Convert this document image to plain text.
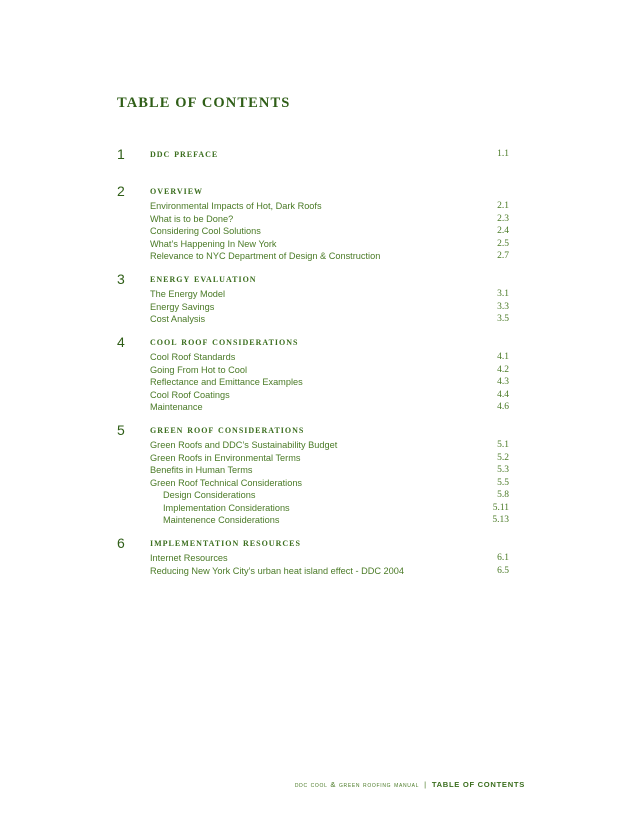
TABLE OF CONTENTS
1 ddc preface	1.1
2 overview
Environmental Impacts of Hot, Dark Roofs	2.1
What is to be Done?	2.3
Considering Cool Solutions	2.4
What’s Happening In New York	2.5
Relevance to NYC Department of Design & Construction	2.7
3 energy evaluation
The Energy Model	3.1
Energy Savings	3.3
Cost Analysis	3.5
4 cool roof considerations
Cool Roof Standards	4.1
Going From Hot to Cool	4.2
Reflectance and Emittance Examples	4.3
Cool Roof Coatings	4.4
Maintenance	4.6
5 green roof considerations
Green Roofs and DDC’s Sustainability Budget	5.1
Green Roofs in Environmental Terms	5.2
Benefits in Human Terms	5.3
Green Roof Technical Considerations	5.5
Design Considerations	5.8
Implementation Considerations	5.11
Maintenence Considerations	5.13
6 implementation resources
Internet Resources	6.1
Reducing New York City’s urban heat island effect - DDC 2004	6.5
ddc cool & green roofing manual | TABLE OF CONTENTS
